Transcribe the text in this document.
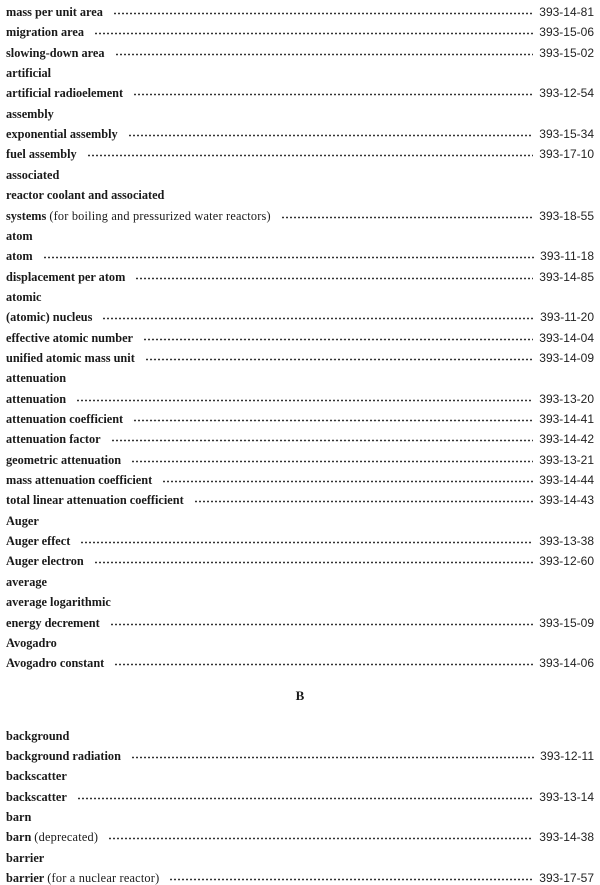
mass per unit area	393-14-81
migration area	393-15-06
slowing-down area	393-15-02
artificial
artificial radioelement	393-12-54
assembly
exponential assembly	393-15-34
fuel assembly	393-17-10
associated
reactor coolant and associated
systems (for boiling and pressurized water reactors)	393-18-55
atom
atom	393-11-18
displacement per atom	393-14-85
atomic
(atomic) nucleus	393-11-20
effective atomic number	393-14-04
unified atomic mass unit	393-14-09
attenuation
attenuation	393-13-20
attenuation coefficient	393-14-41
attenuation factor	393-14-42
geometric attenuation	393-13-21
mass attenuation coefficient	393-14-44
total linear attenuation coefficient	393-14-43
Auger
Auger effect	393-13-38
Auger electron	393-12-60
average
average logarithmic
energy decrement	393-15-09
Avogadro
Avogadro constant	393-14-06
B
background
background radiation	393-12-11
backscatter
backscatter	393-13-14
barn
barn (deprecated)	393-14-38
barrier
barrier (for a nuclear reactor)	393-17-57
